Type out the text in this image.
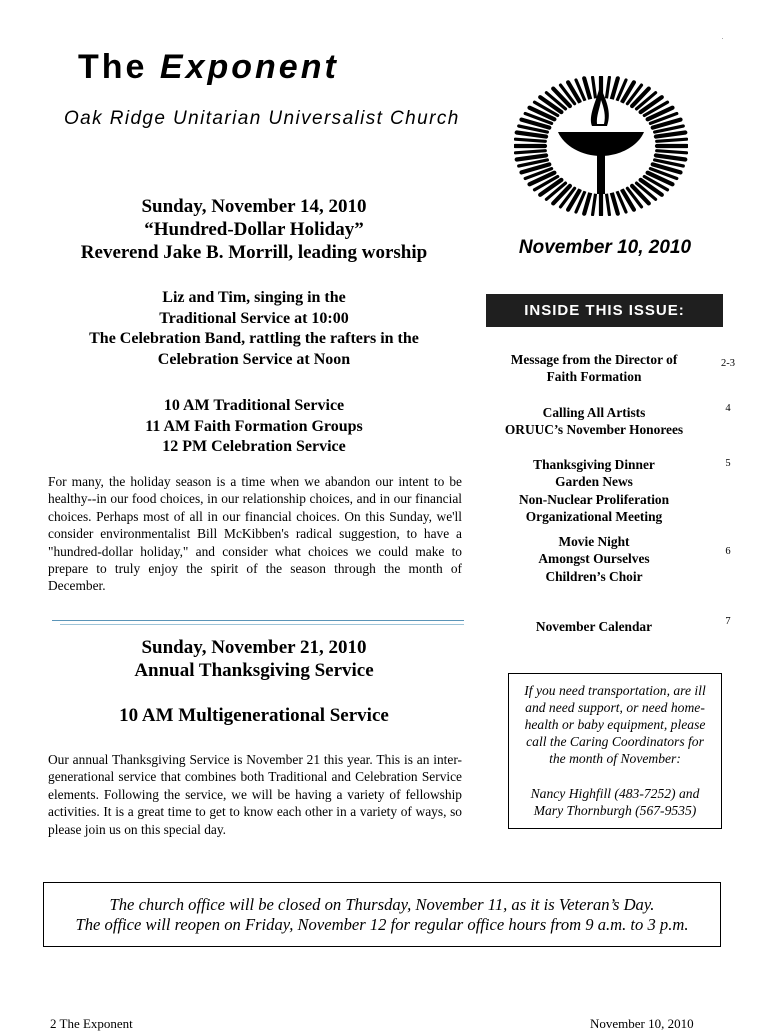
The Exponent
Oak Ridge Unitarian Universalist Church
November 10, 2010
Sunday, November 14, 2010
“Hundred-Dollar Holiday”
Reverend Jake B. Morrill, leading worship
Liz and Tim, singing in the
Traditional Service at 10:00
The Celebration Band, rattling the rafters in the
Celebration Service at Noon
10 AM Traditional Service
11 AM Faith Formation Groups
12 PM Celebration Service
For many, the holiday season is a time when we abandon our intent to be healthy--in our food choices, in our relationship choices, and in our financial choices. Perhaps most of all in our financial choices. On this Sunday, we'll consider environmentalist Bill McKibben's radical suggestion, to have a "hundred-dollar holiday," and consider what choices we could make to prepare to truly enjoy the spirit of the season through the month of December.
Sunday, November 21, 2010
Annual Thanksgiving Service
10 AM Multigenerational Service
Our annual Thanksgiving Service is November 21 this year. This is an inter-generational service that combines both Traditional and Celebration Service elements. Following the service, we will be having a variety of fellowship activities. It is a great time to get to know each other in a variety of ways, so please join us on this special day.
INSIDE THIS ISSUE:
Message from the Director of
Faith Formation
2-3
Calling All Artists
ORUUC’s November Honorees
4
Thanksgiving Dinner
Garden News
Non-Nuclear Proliferation
Organizational Meeting
5
Movie Night
Amongst Ourselves
Children’s Choir
6
November Calendar	7

If you need transportation, are ill

and need support, or need home-

health or baby equipment, please

call the Caring Coordinators for

the month of November:

Nancy Highfill (483-7252) and

Mary Thornburgh (567-9535)

The church office will be closed on Thursday, November 11, as it is Veteran’s Day.

The office will reopen on Friday, November 12 for regular office hours from 9 a.m. to 3 p.m.

2 The Exponent	November 10, 2010
